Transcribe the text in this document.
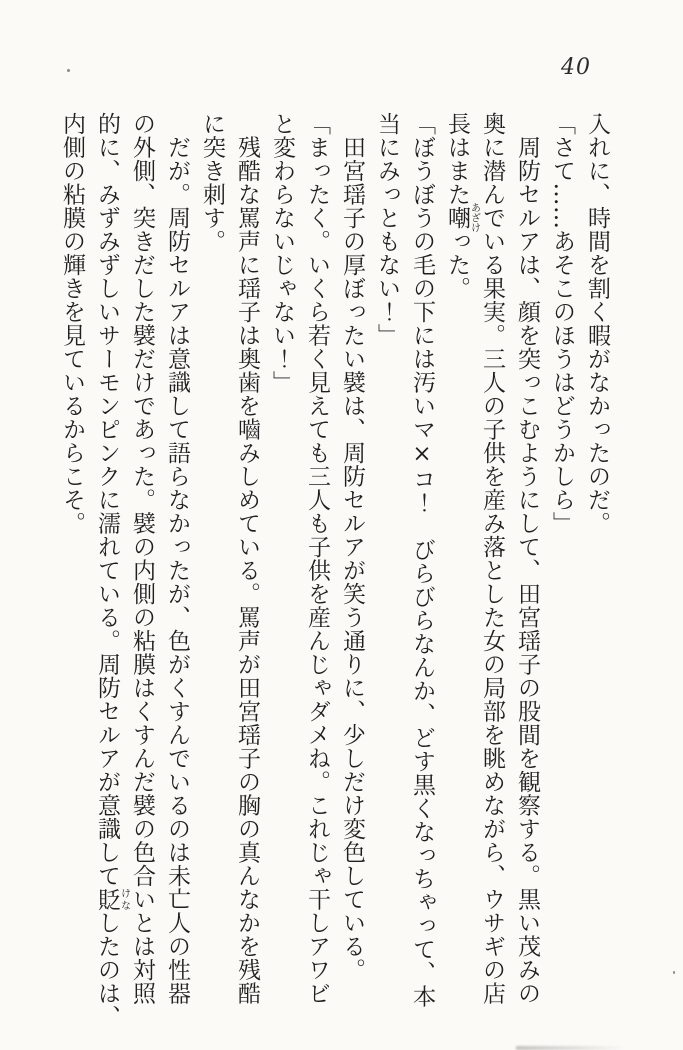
40

入れに、時間を割く暇がなかったのだ。

「さて……あそこのほうはどうかしら」

　周防セルアは、顔を突っこむようにして、田宮瑶子の股間を観察する。黒い茂みの
奥に潜んでいる果実。三人の子供を産み落とした女の局部を眺めながら、ウサギの店
長はまた嘲あざけった。

「ぼうぼうの毛の下には汚いマ×コ！　びらびらなんか、どす黒くなっちゃって、本
当にみっともない！」

　田宮瑶子の厚ぼったい襞は、周防セルアが笑う通りに、少しだけ変色している。

「まったく。いくら若く見えても三人も子供を産んじゃダメね。これじゃ干しアワビ
と変わらないじゃない！」

　残酷な罵声に瑶子は奥歯を嚙みしめている。罵声が田宮瑶子の胸の真んなかを残酷
に突き刺す。

　だが。周防セルアは意識して語らなかったが、色がくすんでいるのは未亡人の性器
の外側、突きだした襞だけであった。襞の内側の粘膜はくすんだ襞の色合いとは対照
的に、みずみずしいサーモンピンクに濡れている。周防セルアが意識して貶けなしたのは、
内側の粘膜の輝きを見ているからこそ。
